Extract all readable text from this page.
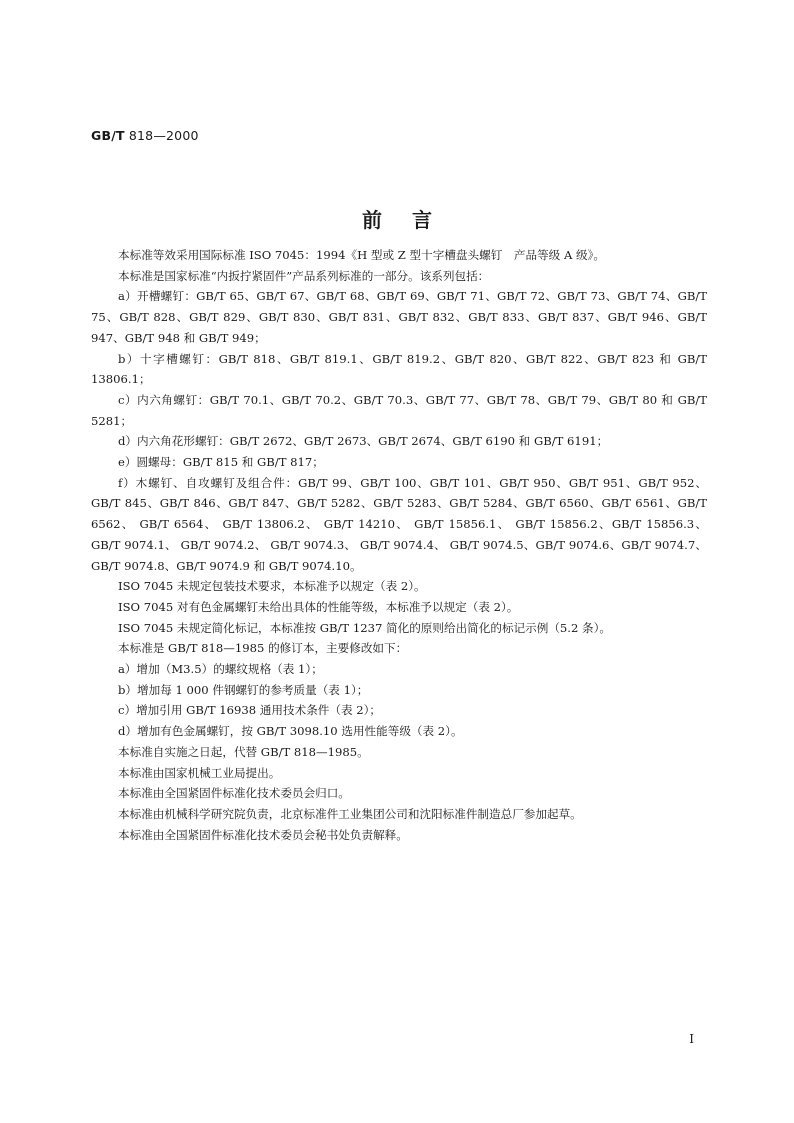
GB/T 818—2000
前言

本标准等效采用国际标准 ISO 7045：1994《H 型或 Z 型十字槽盘头螺钉　产品等级 A 级》。

本标准是国家标准“内扳拧紧固件”产品系列标准的一部分。该系列包括：

a）开槽螺钉：GB/T 65、GB/T 67、GB/T 68、GB/T 69、GB/T 71、GB/T 72、GB/T 73、GB/T 74、GB/T 75、GB/T 828、GB/T 829、GB/T 830、GB/T 831、GB/T 832、GB/T 833、GB/T 837、GB/T 946、GB/T 947、GB/T 948 和 GB/T 949；

b）十字槽螺钉：GB/T 818、GB/T 819.1、GB/T 819.2、GB/T 820、GB/T 822、GB/T 823 和 GB/T 13806.1；

c）内六角螺钉：GB/T 70.1、GB/T 70.2、GB/T 70.3、GB/T 77、GB/T 78、GB/T 79、GB/T 80 和 GB/T 5281；

d）内六角花形螺钉：GB/T 2672、GB/T 2673、GB/T 2674、GB/T 6190 和 GB/T 6191；

e）圆螺母：GB/T 815 和 GB/T 817；

f）木螺钉、自攻螺钉及组合件：GB/T 99、GB/T 100、GB/T 101、GB/T 950、GB/T 951、GB/T 952、GB/T 845、GB/T 846、GB/T 847、GB/T 5282、GB/T 5283、GB/T 5284、GB/T 6560、GB/T 6561、GB/T 6562、 GB/T 6564、 GB/T 13806.2、 GB/T 14210、 GB/T 15856.1、 GB/T 15856.2、GB/T 15856.3、 GB/T 9074.1、 GB/T 9074.2、 GB/T 9074.3、 GB/T 9074.4、 GB/T 9074.5、GB/T 9074.6、GB/T 9074.7、GB/T 9074.8、GB/T 9074.9 和 GB/T 9074.10。

ISO 7045 未规定包装技术要求，本标准予以规定（表 2）。

ISO 7045 对有色金属螺钉未给出具体的性能等级，本标准予以规定（表 2）。

ISO 7045 未规定简化标记，本标准按 GB/T 1237 简化的原则给出简化的标记示例（5.2 条）。

本标准是 GB/T 818—1985 的修订本，主要修改如下：

a）增加（M3.5）的螺纹规格（表 1）；

b）增加每 1 000 件钢螺钉的参考质量（表 1）；

c）增加引用 GB/T 16938 通用技术条件（表 2）；

d）增加有色金属螺钉，按 GB/T 3098.10 选用性能等级（表 2）。

本标准自实施之日起，代替 GB/T 818—1985。

本标准由国家机械工业局提出。

本标准由全国紧固件标准化技术委员会归口。

本标准由机械科学研究院负责，北京标准件工业集团公司和沈阳标准件制造总厂参加起草。

本标准由全国紧固件标准化技术委员会秘书处负责解释。

I
